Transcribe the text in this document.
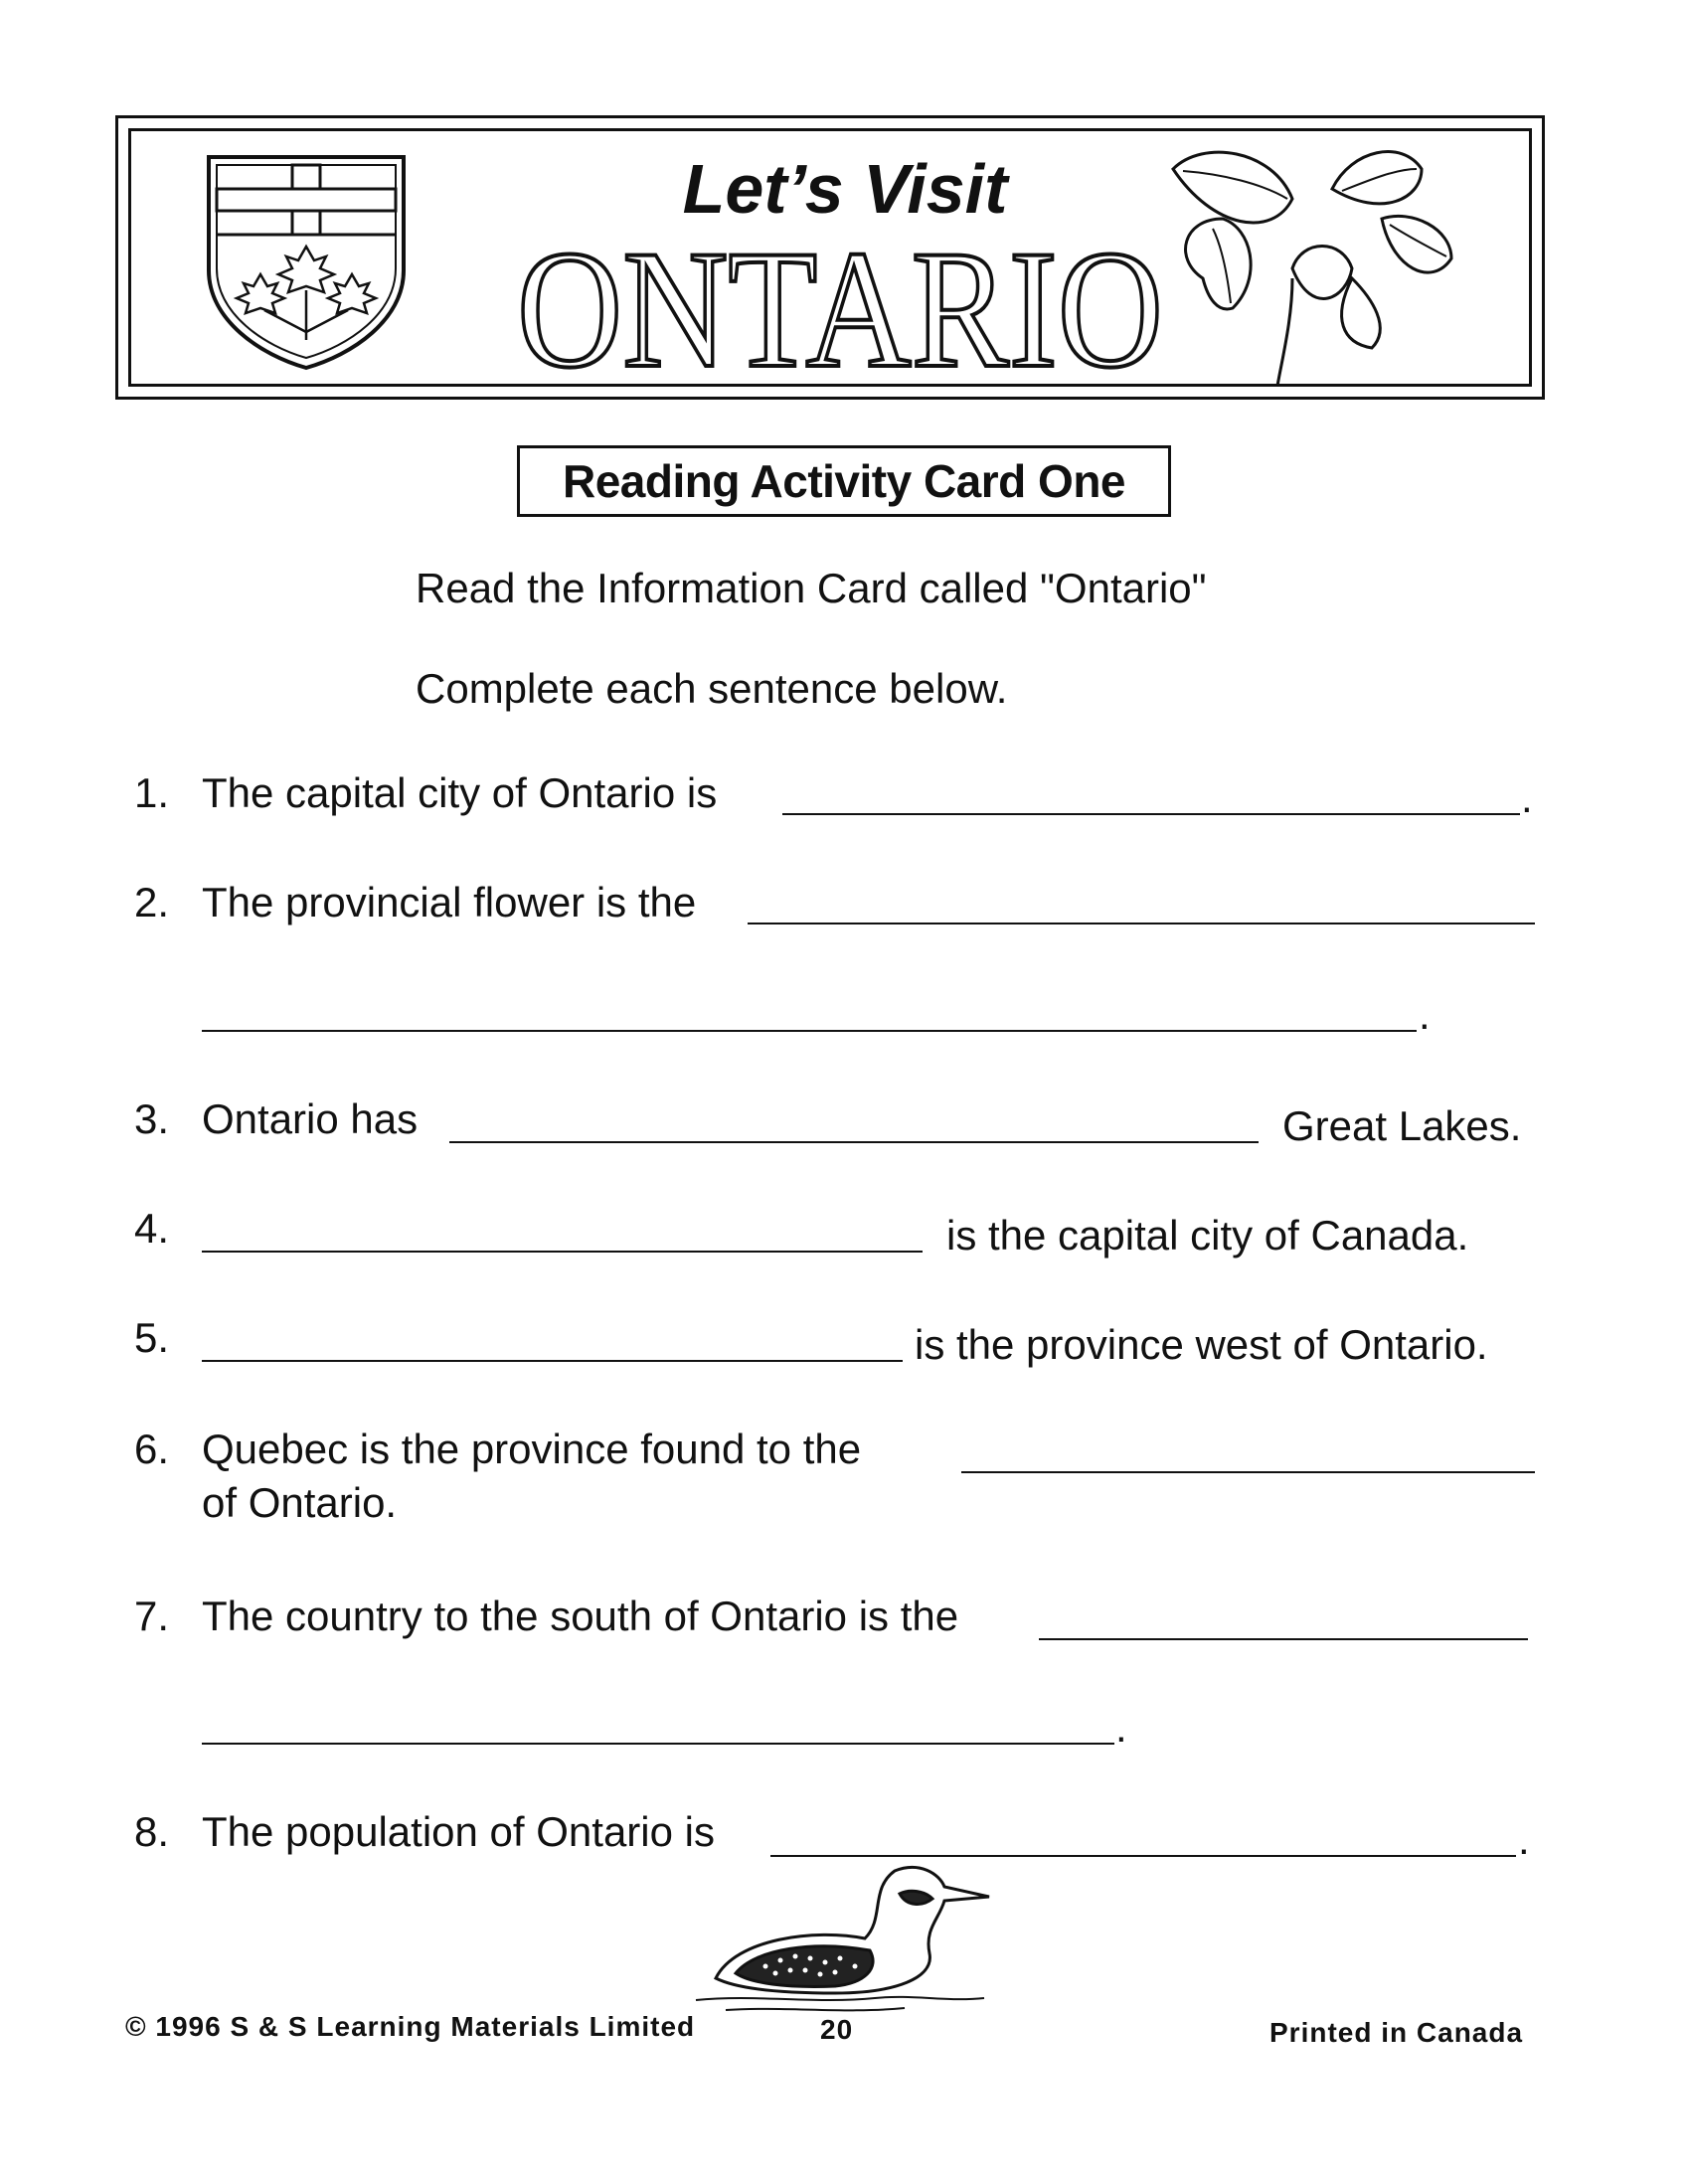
Let’s Visit
ONTARIO
Reading Activity Card One
Read the Information Card called "Ontario"
Complete each sentence below.
1. The capital city of Ontario is	.
2. The provincial flower is the
.
3. Ontario has	Great Lakes.
4.	is the capital city of Canada.
5.	is the province west of Ontario.
6. Quebec is the province found to the
of Ontario.
7. The country to the south of Ontario is the
.
8. The population of Ontario is	.
© 1996 S & S Learning Materials Limited	20	Printed in Canada
